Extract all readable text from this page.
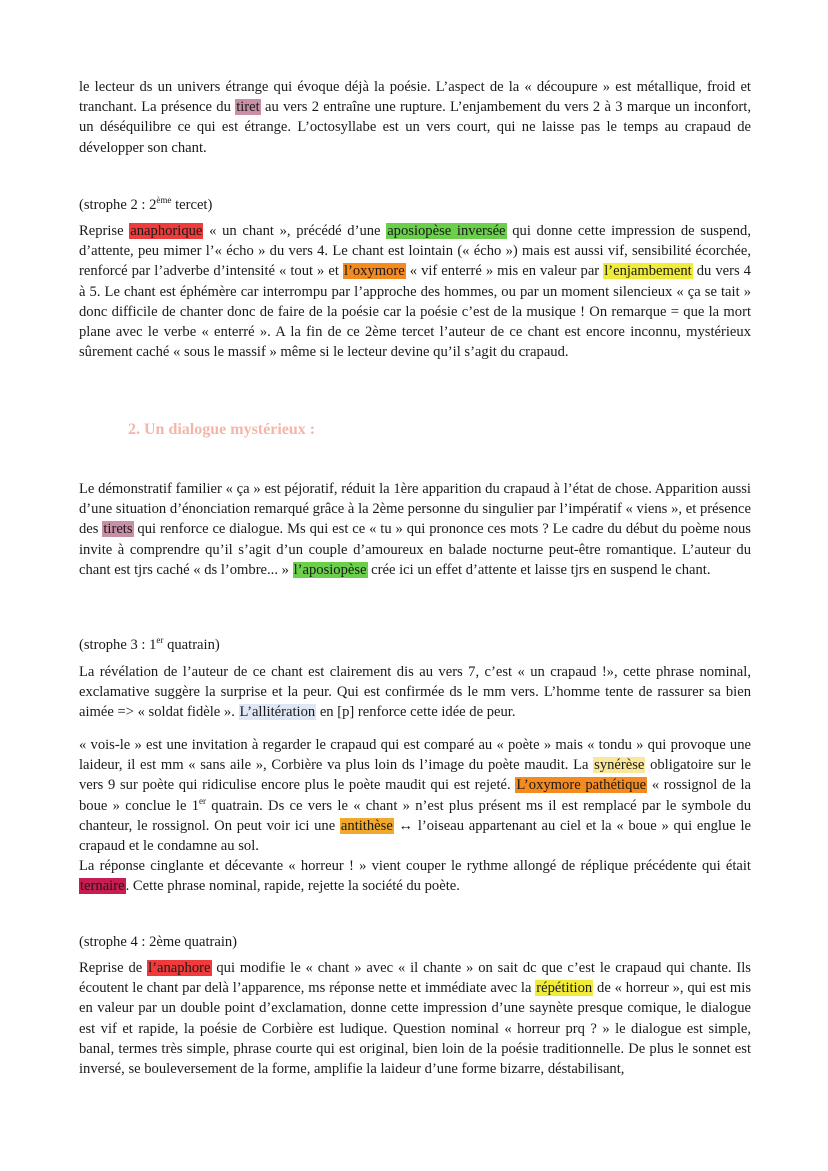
le lecteur ds un univers étrange qui évoque déjà la poésie. L’aspect de la « découpure » est métallique, froid et tranchant. La présence du tiret au vers 2 entraîne une rupture. L’enjambement du vers 2 à 3 marque un inconfort, un déséquilibre ce qui est étrange. L’octosyllabe est un vers court, qui ne laisse pas le temps au crapaud de développer son chant.

(strophe 2 : 2ème tercet)

Reprise anaphorique « un chant », précédé d’une aposiopèse inversée qui donne cette impression de suspend, d’attente, peu mimer l’« écho » du vers 4. Le chant est lointain (« écho ») mais est aussi vif, sensibilité écorchée, renforcé par l’adverbe d’intensité « tout » et l’oxymore « vif enterré » mis en valeur par l’enjambement du vers 4 à 5. Le chant est éphémère car interrompu par l’approche des hommes, ou par un moment silencieux « ça se tait » donc difficile de chanter donc de faire de la poésie car la poésie c’est de la musique ! On remarque = que la mort plane avec le verbe « enterré ». A la fin de ce 2ème tercet l’auteur de ce chant est encore inconnu, mystérieux sûrement caché « sous le massif » même si le lecteur devine qu’il s’agit du crapaud.

2. Un dialogue mystérieux :

Le démonstratif familier « ça » est péjoratif, réduit la 1ère apparition du crapaud à l’état de chose. Apparition aussi d’une situation d’énonciation remarqué grâce à la 2ème personne du singulier par l’impératif « viens », et présence des tirets qui renforce ce dialogue. Ms qui est ce « tu » qui prononce ces mots ? Le cadre du début du poème nous invite à comprendre qu’il s’agit d’un couple d’amoureux en balade nocturne peut-être romantique. L’auteur du chant est tjrs caché « ds l’ombre... » l’aposiopèse crée ici un effet d’attente et laisse tjrs en suspend le chant.

(strophe 3 : 1er quatrain)

La révélation de l’auteur de ce chant est clairement dis au vers 7, c’est « un crapaud !», cette phrase nominal, exclamative suggère la surprise et la peur. Qui est confirmée ds le mm vers. L’homme tente de rassurer sa bien aimée => « soldat fidèle ». L’allitération en [p] renforce cette idée de peur.

« vois-le » est une invitation à regarder le crapaud qui est comparé au « poète » mais « tondu » qui provoque une laideur, il est mm « sans aile », Corbière va plus loin ds l’image du poète maudit. La synérèse obligatoire sur le vers 9 sur poète qui ridiculise encore plus le poète maudit qui est rejeté. L’oxymore pathétique « rossignol de la boue » conclue le 1er quatrain. Ds ce vers le « chant » n’est plus présent ms il est remplacé par le symbole du chanteur, le rossignol. On peut voir ici une antithèse ↔ l’oiseau appartenant au ciel et la « boue » qui englue le crapaud et le condamne au sol.

La réponse cinglante et décevante « horreur ! » vient couper le rythme allongé de réplique précédente qui était ternaire. Cette phrase nominal, rapide, rejette la société du poète.

(strophe 4 : 2ème quatrain)

Reprise de l’anaphore qui modifie le « chant » avec « il chante » on sait dc que c’est le crapaud qui chante. Ils écoutent le chant par delà l’apparence, ms réponse nette et immédiate avec la répétition de « horreur », qui est mis en valeur par un double point d’exclamation, donne cette impression d’une saynète presque comique, le dialogue est vif et rapide, la poésie de Corbière est ludique. Question nominal « horreur prq ? » le dialogue est simple, banal, termes très simple, phrase courte qui est original, bien loin de la poésie traditionnelle. De plus le sonnet est inversé, se bouleversement de la forme, amplifie la laideur d’une forme bizarre, déstabilisant,
